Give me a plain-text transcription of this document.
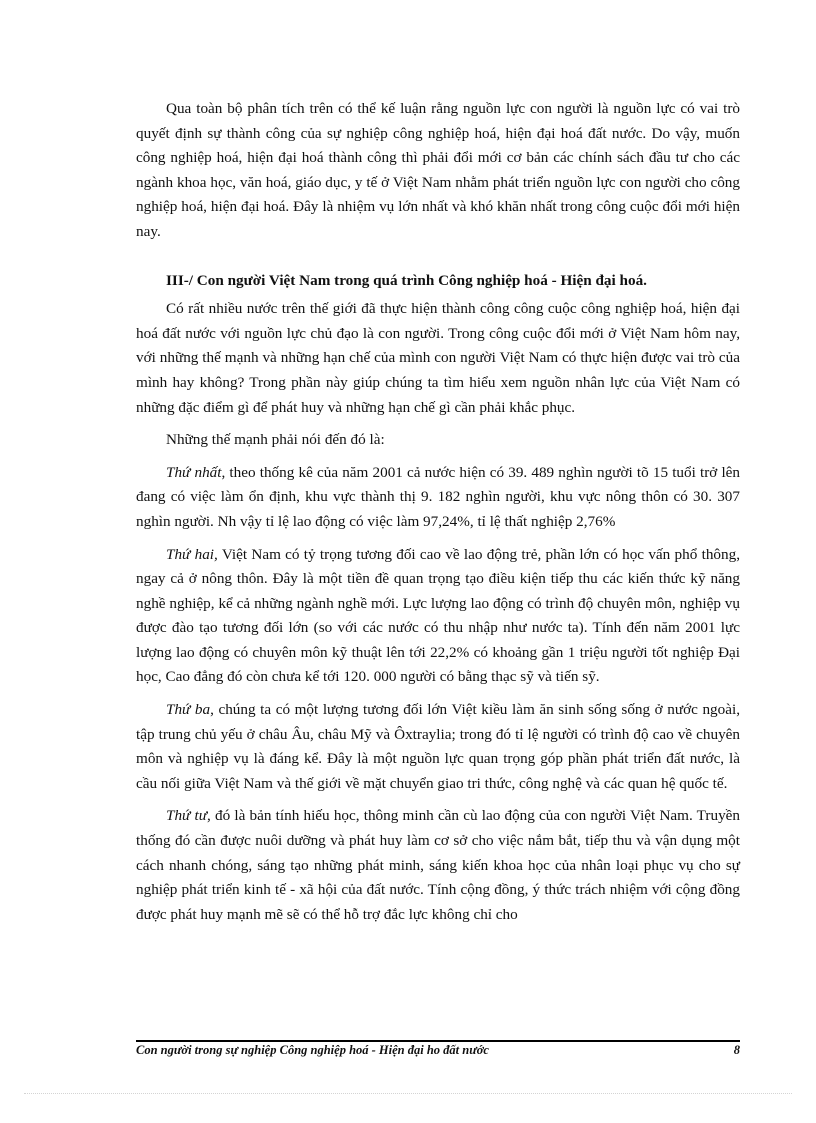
Qua toàn bộ phân tích trên có thể kế luận rằng nguồn lực con người là nguồn lực có vai trò quyết định sự thành công của sự nghiệp công nghiệp hoá, hiện đại hoá đất nước. Do vậy, muốn công nghiệp hoá, hiện đại hoá thành công thì phải đổi mới cơ bản các chính sách đầu tư cho các ngành khoa học, văn hoá, giáo dục, y tế ở Việt Nam nhằm phát triển nguồn lực con người cho công nghiệp hoá, hiện đại hoá. Đây là nhiệm vụ lớn nhất và khó khăn nhất trong công cuộc đổi mới hiện nay.

III-/ Con người Việt Nam trong quá trình Công nghiệp hoá - Hiện đại hoá.

Có rất nhiều nước trên thế giới đã thực hiện thành công công cuộc công nghiệp hoá, hiện đại hoá đất nước với nguồn lực chủ đạo là con người. Trong công cuộc đổi mới ở Việt Nam hôm nay, với những thế mạnh và những hạn chế của mình con người Việt Nam có thực hiện được vai trò của mình hay không? Trong phần này giúp chúng ta tìm hiểu xem nguồn nhân lực của Việt Nam có những đặc điểm gì để phát huy và những hạn chế gì cần phải khắc phục.

Những thế mạnh phải nói đến đó là:

Thứ nhất, theo thống kê của năm 2001 cả nước hiện có 39. 489 nghìn người tõ 15 tuổi trở lên đang có việc làm ổn định, khu vực thành thị 9. 182 nghìn người, khu vực nông thôn có 30. 307 nghìn người. Nh vậy tỉ lệ lao động có việc làm 97,24%, tỉ lệ thất nghiệp 2,76%

Thứ hai, Việt Nam có tỷ trọng tương đối cao về lao động trẻ, phần lớn có học vấn phổ thông, ngay cả ở nông thôn. Đây là một tiền đề quan trọng tạo điều kiện tiếp thu các kiến thức kỹ năng nghề nghiệp, kể cả những ngành nghề mới. Lực lượng lao động có trình độ chuyên môn, nghiệp vụ được đào tạo tương đối lớn (so với các nước có thu nhập như nước ta). Tính đến năm 2001 lực lượng lao động có chuyên môn kỹ thuật lên tới 22,2% có khoảng gần 1 triệu người tốt nghiệp Đại học, Cao đẳng đó còn chưa kể tới 120. 000 người có bằng thạc sỹ và tiến sỹ.

Thứ ba, chúng ta có một lượng tương đối lớn Việt kiều làm ăn sinh sống sống ở nước ngoài, tập trung chủ yếu ở châu Âu, châu Mỹ và Ôxtraylia; trong đó tỉ lệ người có trình độ cao về chuyên môn và nghiệp vụ là đáng kể. Đây là một nguồn lực quan trọng góp phần phát triển đất nước, là cầu nối giữa Việt Nam và thế giới về mặt chuyển giao tri thức, công nghệ và các quan hệ quốc tế.

Thứ tư, đó là bản tính hiếu học, thông minh cần cù lao động của con người Việt Nam. Truyền thống đó cần được nuôi dưỡng và phát huy làm cơ sở cho việc nắm bắt, tiếp thu và vận dụng một cách nhanh chóng, sáng tạo những phát minh, sáng kiến khoa học của nhân loại phục vụ cho sự nghiệp phát triển kinh tế - xã hội của đất nước. Tính cộng đồng, ý thức trách nhiệm với cộng đồng được phát huy mạnh mẽ sẽ có thể hỗ trợ đắc lực không chỉ cho

Con người trong sự nghiệp Công nghiệp hoá - Hiện đại ho đất nước	8
